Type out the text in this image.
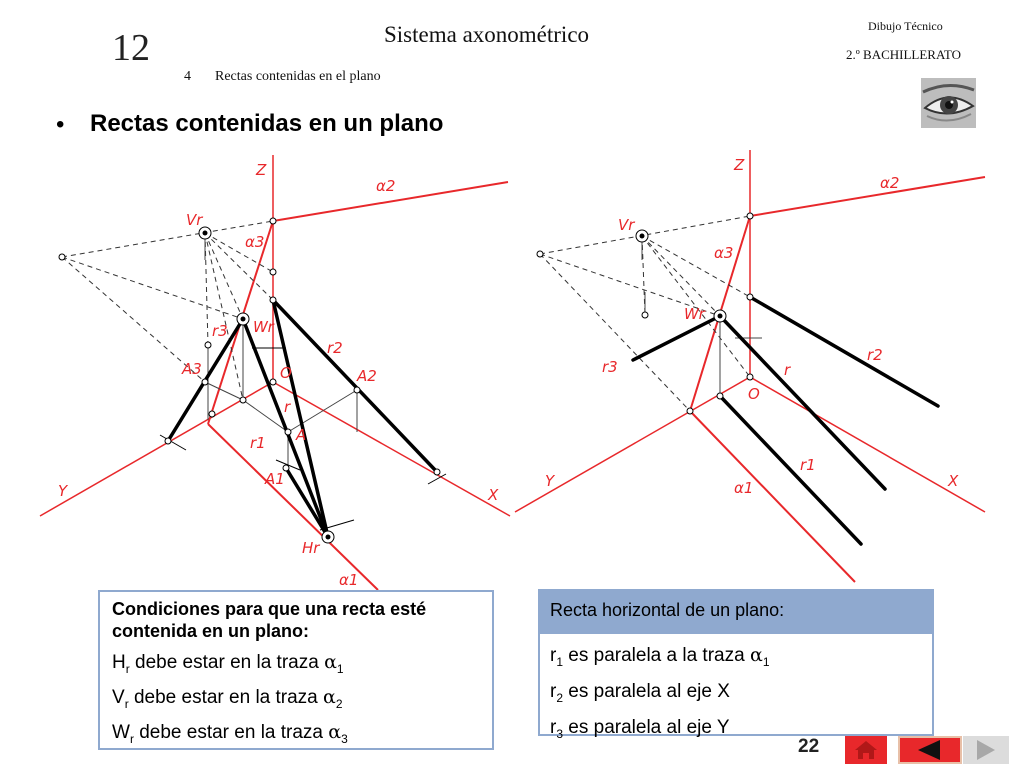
12	Sistema axonométrico
4 Rectas contenidas en el plano
Dibujo Técnico
2.º BACHILLERATO
• Rectas contenidas en un plano
Z
α2
Vr
α3
r3 Wr
r2
A3	O	A2
r
A
r1
A1
Y	X
Hr
α1
Z
α2
Vr
α3
Wr
r3
r2
r
O
r1
Y	α1	X
Condiciones para que una recta esté contenida en un plano:
$H_r$ debe estar en la traza $\alpha_1$
$V_r$ debe estar en la traza $\alpha_2$
$W_r$ debe estar en la traza $\alpha_3$
Recta horizontal de un plano:
$r_1$ es paralela a la traza $\alpha_1$
$r_2$ es paralela al eje X
$r_3$ es paralela al eje Y
22
